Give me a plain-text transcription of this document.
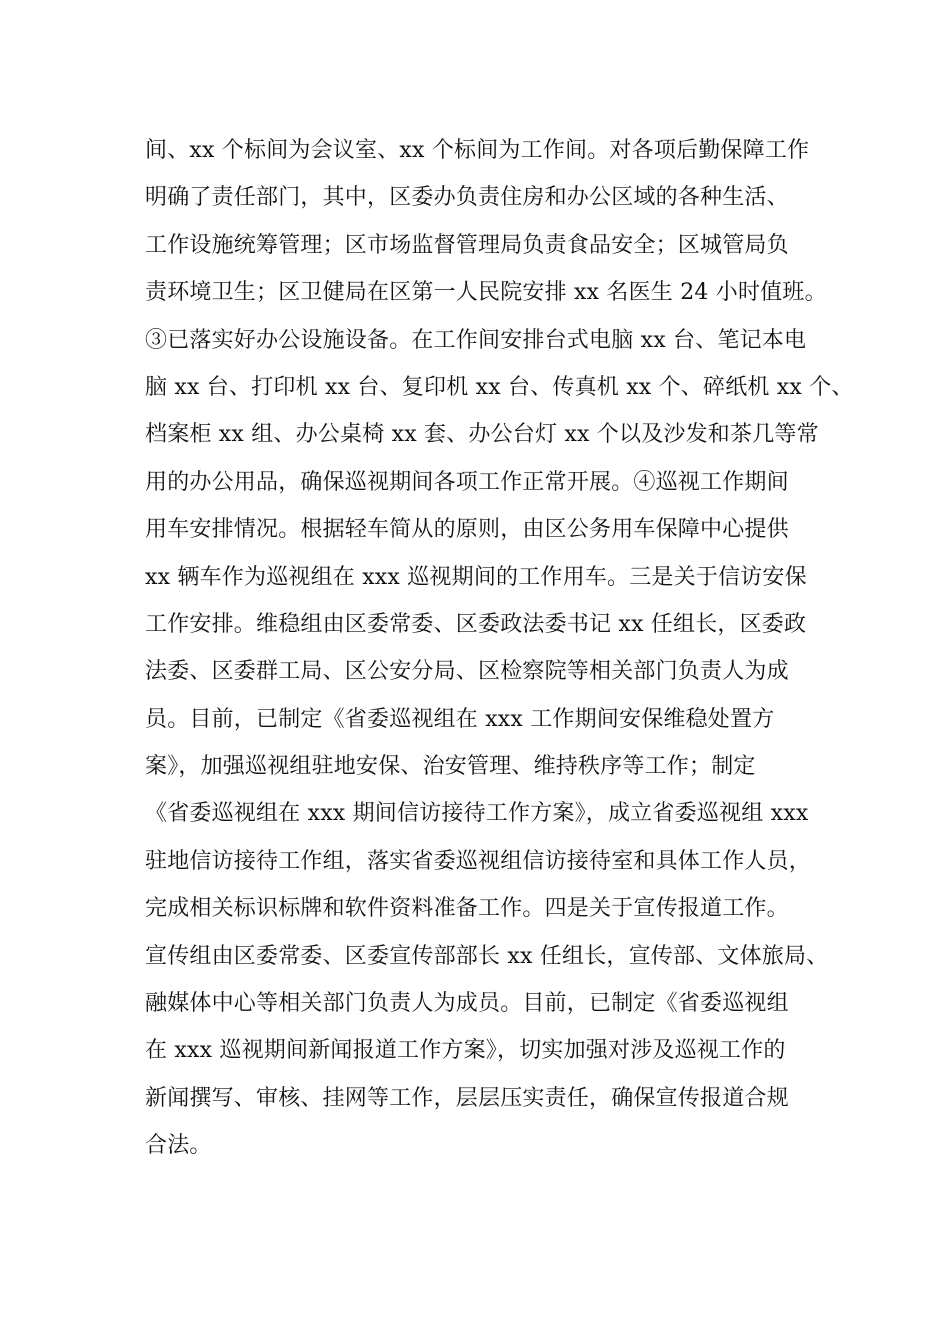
间、xx 个标间为会议室、xx 个标间为工作间。对各项后勤保障工作
明确了责任部门，其中，区委办负责住房和办公区域的各种生活、
工作设施统筹管理；区市场监督管理局负责食品安全；区城管局负
责环境卫生；区卫健局在区第一人民院安排 xx 名医生 24 小时值班。
③已落实好办公设施设备。在工作间安排台式电脑 xx 台、笔记本电
脑 xx 台、打印机 xx 台、复印机 xx 台、传真机 xx 个、碎纸机 xx 个、
档案柜 xx 组、办公桌椅 xx 套、办公台灯 xx 个以及沙发和茶几等常
用的办公用品，确保巡视期间各项工作正常开展。④巡视工作期间
用车安排情况。根据轻车简从的原则，由区公务用车保障中心提供
xx 辆车作为巡视组在 xxx 巡视期间的工作用车。三是关于信访安保
工作安排。维稳组由区委常委、区委政法委书记 xx 任组长，区委政
法委、区委群工局、区公安分局、区检察院等相关部门负责人为成
员。目前，已制定《省委巡视组在 xxx 工作期间安保维稳处置方
案》，加强巡视组驻地安保、治安管理、维持秩序等工作；制定
《省委巡视组在 xxx 期间信访接待工作方案》，成立省委巡视组 xxx
驻地信访接待工作组，落实省委巡视组信访接待室和具体工作人员，
完成相关标识标牌和软件资料准备工作。四是关于宣传报道工作。
宣传组由区委常委、区委宣传部部长 xx 任组长，宣传部、文体旅局、
融媒体中心等相关部门负责人为成员。目前，已制定《省委巡视组
在 xxx 巡视期间新闻报道工作方案》，切实加强对涉及巡视工作的
新闻撰写、审核、挂网等工作，层层压实责任，确保宣传报道合规
合法。
